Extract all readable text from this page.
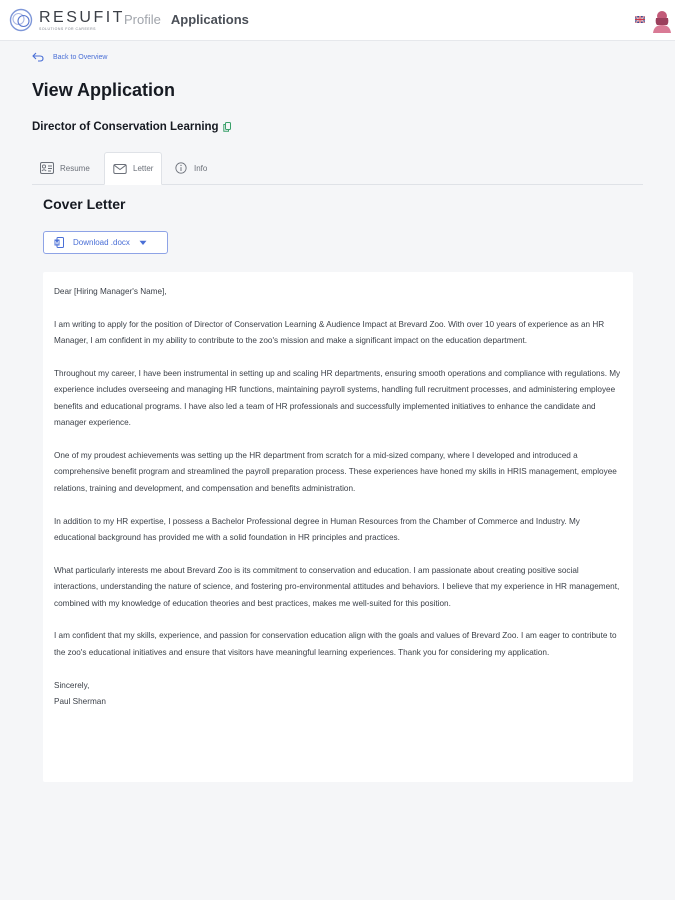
RESUFIT
SOLUTIONS FOR CAREERS
Profile Applications
Back to Overview
View Application
Director of Conservation Learning
Resume	Letter	Info
Cover Letter
Download .docx

Dear [Hiring Manager's Name],

I am writing to apply for the position of Director of Conservation Learning & Audience Impact at Brevard Zoo. With over 10 years of experience as an HR Manager, I am confident in my ability to contribute to the zoo's mission and make a significant impact on the education department.

Throughout my career, I have been instrumental in setting up and scaling HR departments, ensuring smooth operations and compliance with regulations. My experience includes overseeing and managing HR functions, maintaining payroll systems, handling full recruitment processes, and administering employee benefits and educational programs. I have also led a team of HR professionals and successfully implemented initiatives to enhance the candidate and manager experience.

One of my proudest achievements was setting up the HR department from scratch for a mid-sized company, where I developed and introduced a comprehensive benefit program and streamlined the payroll preparation process. These experiences have honed my skills in HRIS management, employee relations, training and development, and compensation and benefits administration.

In addition to my HR expertise, I possess a Bachelor Professional degree in Human Resources from the Chamber of Commerce and Industry. My educational background has provided me with a solid foundation in HR principles and practices.

What particularly interests me about Brevard Zoo is its commitment to conservation and education. I am passionate about creating positive social interactions, understanding the nature of science, and fostering pro-environmental attitudes and behaviors. I believe that my experience in HR management, combined with my knowledge of education theories and best practices, makes me well-suited for this position.

I am confident that my skills, experience, and passion for conservation education align with the goals and values of Brevard Zoo. I am eager to contribute to the zoo's educational initiatives and ensure that visitors have meaningful learning experiences. Thank you for considering my application.

Sincerely,

Paul Sherman
